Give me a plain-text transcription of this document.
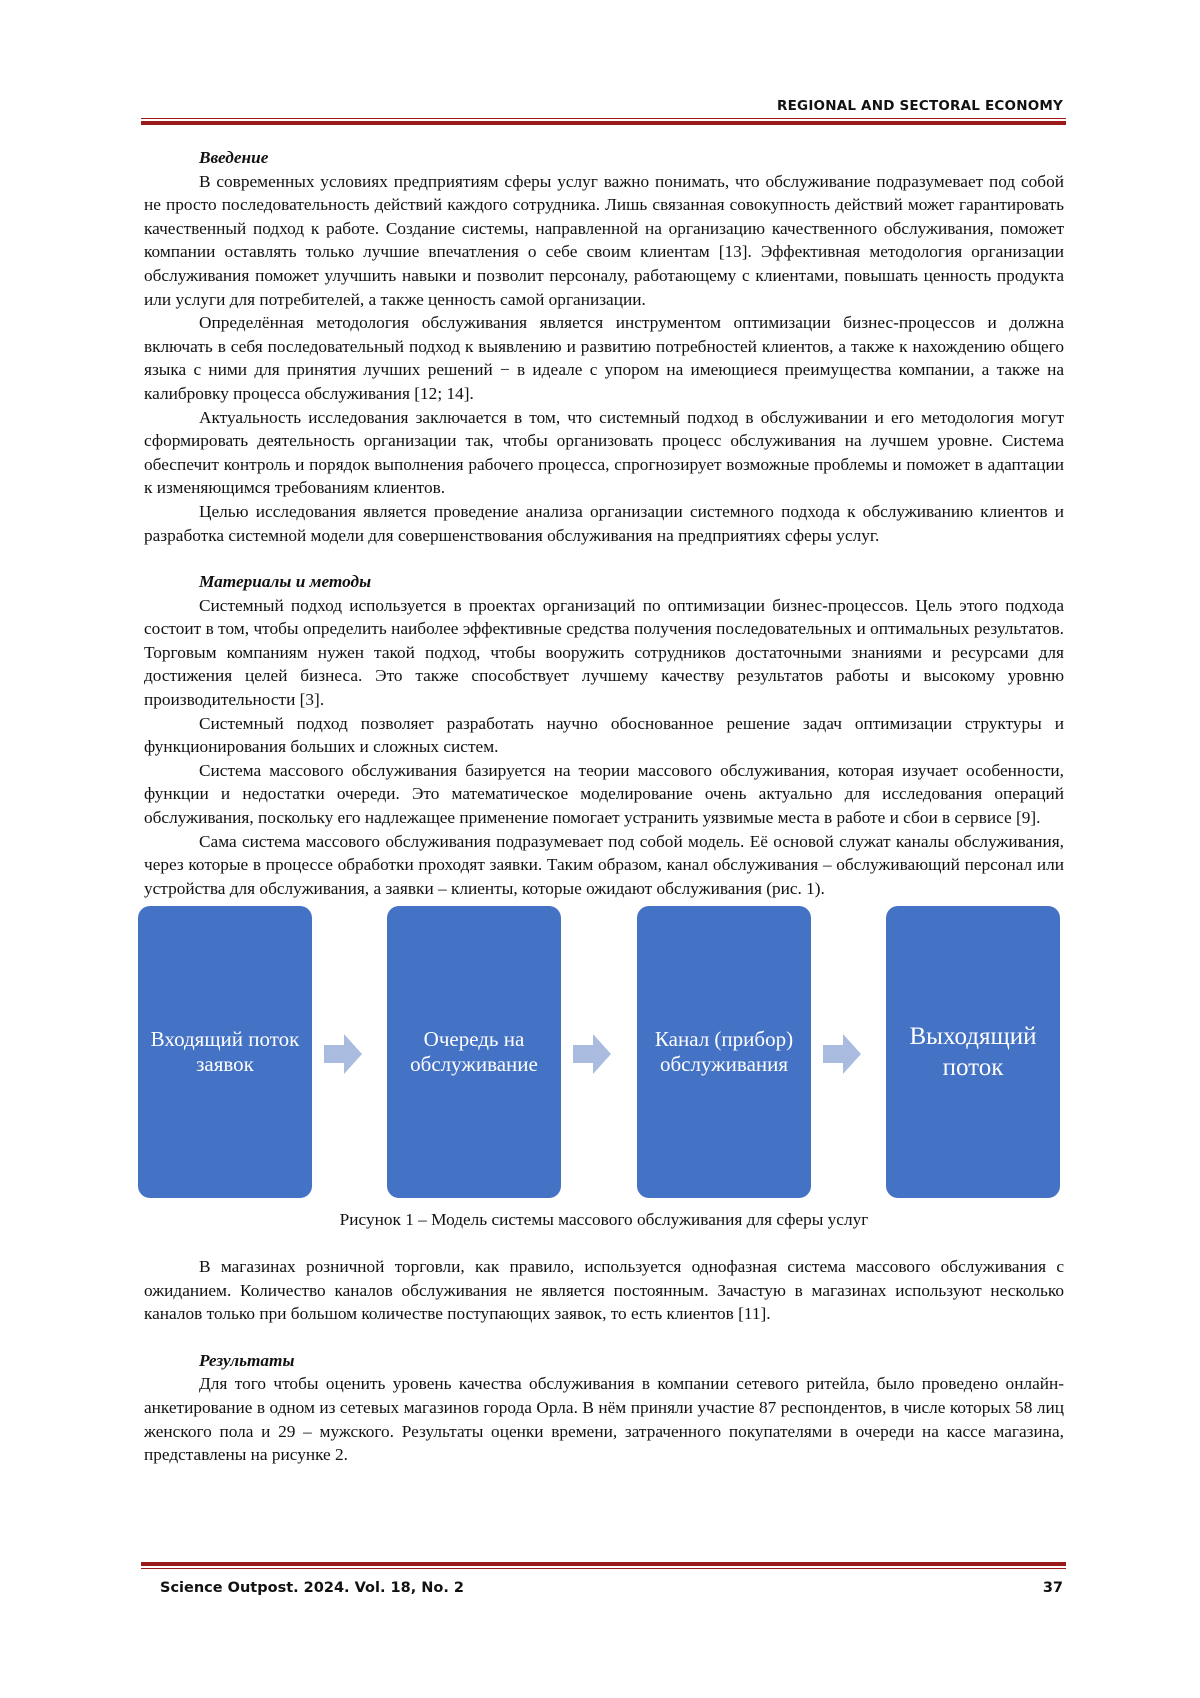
REGIONAL AND SECTORAL ECONOMY
Введение

В современных условиях предприятиям сферы услуг важно понимать, что обслуживание подразумевает под собой не просто последовательность действий каждого сотрудника. Лишь связанная совокупность действий может гарантировать качественный подход к работе. Создание системы, направленной на организацию качественного обслуживания, поможет компании оставлять только лучшие впечатления о себе своим клиентам [13]. Эффективная методология организации обслуживания поможет улучшить навыки и позволит персоналу, работающему с клиентами, повышать ценность продукта или услуги для потребителей, а также ценность самой организации.

Определённая методология обслуживания является инструментом оптимизации бизнес-процессов и должна включать в себя последовательный подход к выявлению и развитию потребностей клиентов, а также к нахождению общего языка с ними для принятия лучших решений − в идеале с упором на имеющиеся преимущества компании, а также на калибровку процесса обслуживания [12; 14].

Актуальность исследования заключается в том, что системный подход в обслуживании и его методология могут сформировать деятельность организации так, чтобы организовать процесс обслуживания на лучшем уровне. Система обеспечит контроль и порядок выполнения рабочего процесса, спрогнозирует возможные проблемы и поможет в адаптации к изменяющимся требованиям клиентов.

Целью исследования является проведение анализа организации системного подхода к обслуживанию клиентов и разработка системной модели для совершенствования обслуживания на предприятиях сферы услуг.

Материалы и методы

Системный подход используется в проектах организаций по оптимизации бизнес-процессов. Цель этого подхода состоит в том, чтобы определить наиболее эффективные средства получения последовательных и оптимальных результатов. Торговым компаниям нужен такой подход, чтобы вооружить сотрудников достаточными знаниями и ресурсами для достижения целей бизнеса. Это также способствует лучшему качеству результатов работы и высокому уровню производительности [3].

Системный подход позволяет разработать научно обоснованное решение задач оптимизации структуры и функционирования больших и сложных систем.

Система массового обслуживания базируется на теории массового обслуживания, которая изучает особенности, функции и недостатки очереди. Это математическое моделирование очень актуально для исследования операций обслуживания, поскольку его надлежащее применение помогает устранить уязвимые места в работе и сбои в сервисе [9].

Сама система массового обслуживания подразумевает под собой модель. Её основой служат каналы обслуживания, через которые в процессе обработки проходят заявки. Таким образом, канал обслуживания – обслуживающий персонал или устройства для обслуживания, а заявки – клиенты, которые ожидают обслуживания (рис. 1).

Входящий поток заявок
Очередь на обслуживание
Канал (прибор) обслуживания
Выходящий поток

Рисунок 1 – Модель системы массового обслуживания для сферы услуг

В магазинах розничной торговли, как правило, используется однофазная система массового обслуживания с ожиданием. Количество каналов обслуживания не является постоянным. Зачастую в магазинах используют несколько каналов только при большом количестве поступающих заявок, то есть клиентов [11].

Результаты

Для того чтобы оценить уровень качества обслуживания в компании сетевого ритейла, было проведено онлайн-анкетирование в одном из сетевых магазинов города Орла. В нём приняли участие 87 респондентов, в числе которых 58 лиц женского пола и 29 – мужского. Результаты оценки времени, затраченного покупателями в очереди на кассе магазина, представлены на рисунке 2.

Science Outpost. 2024. Vol. 18, No. 2	37
